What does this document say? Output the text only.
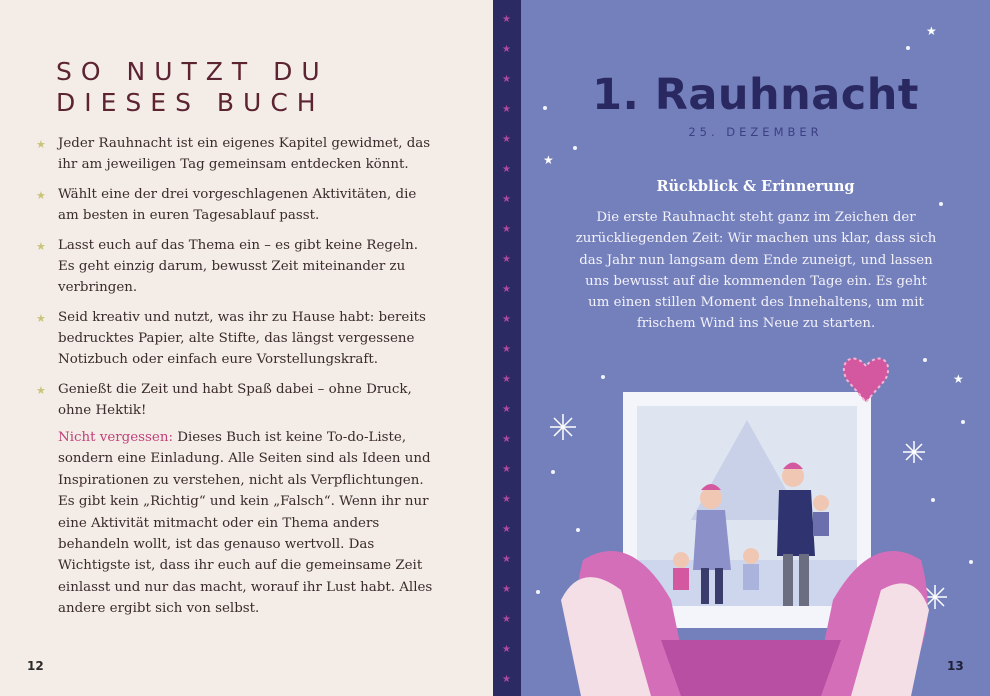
SO NUTZT DU
DIESES BUCH
★ Jeder Rauhnacht ist ein eigenes Kapitel gewidmet, das ihr am jeweiligen Tag gemeinsam entdecken könnt.
★ Wählt eine der drei vorgeschlagenen Aktivitäten, die am besten in euren Tagesablauf passt.
★ Lasst euch auf das Thema ein – es gibt keine Regeln. Es geht einzig darum, bewusst Zeit miteinander zu verbringen.
★ Seid kreativ und nutzt, was ihr zu Hause habt: bereits bedrucktes Papier, alte Stifte, das längst vergessene Notizbuch oder einfach eure Vorstellungskraft.
★ Genießt die Zeit und habt Spaß dabei – ohne Druck, ohne Hektik!

Nicht vergessen: Dieses Buch ist keine To-do-Liste, sondern eine Einladung. Alle Seiten sind als Ideen und Inspirationen zu verstehen, nicht als Verpflichtungen. Es gibt kein „Richtig“ und kein „Falsch“. Wenn ihr nur eine Aktivität mitmacht oder ein Thema anders behandeln wollt, ist das genauso wertvoll. Das Wichtigste ist, dass ihr euch auf die gemeinsame Zeit einlasst und nur das macht, worauf ihr Lust habt. Alles andere ergibt sich von selbst.

12
★
★
★
★
★
★
★
★
★
★
★
★
★
★
★
★
★
★
★
★
★
★
★
★
★
★
1. Rauhnacht
25. DEZEMBER
Rückblick & Erinnerung

Die erste Rauhnacht steht ganz im Zeichen der zurückliegenden Zeit: Wir machen uns klar, dass sich das Jahr nun langsam dem Ende zuneigt, und lassen uns bewusst auf die kommenden Tage ein. Es geht um einen stillen Moment des Innehaltens, um mit frischem Wind ins Neue zu starten.

13
